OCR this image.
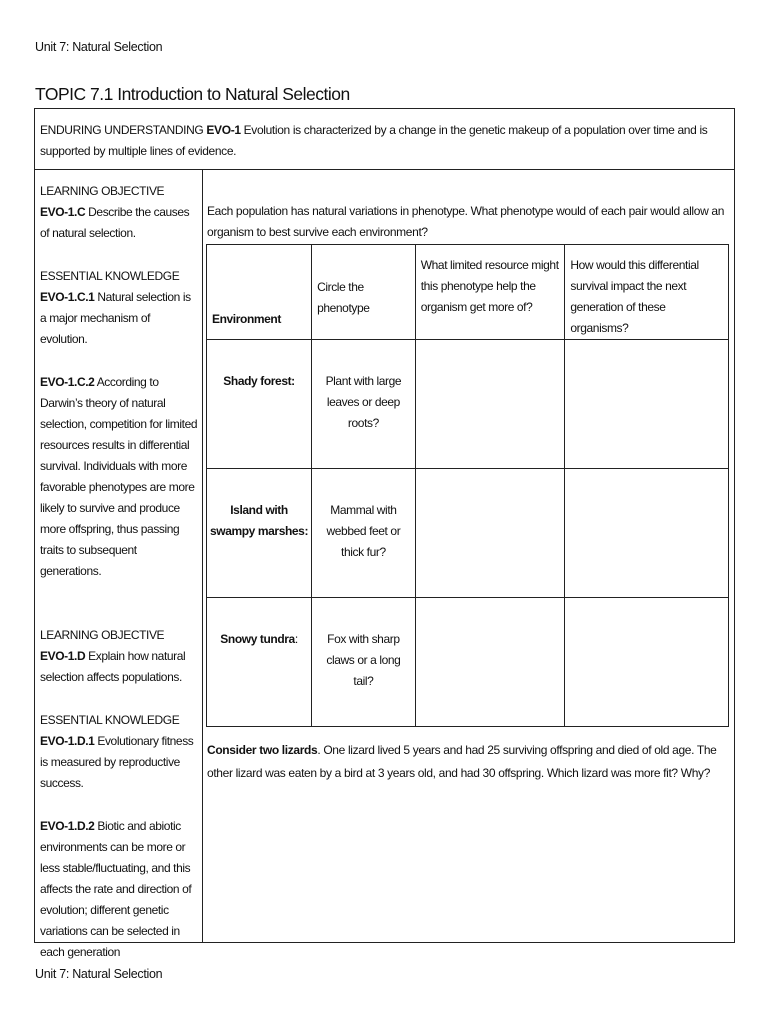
Unit 7: Natural Selection
TOPIC 7.1 Introduction to Natural Selection
ENDURING UNDERSTANDING EVO-1 Evolution is characterized by a change in the genetic makeup of a population over time and is supported by multiple lines of evidence.

LEARNING OBJECTIVE
EVO-1.C Describe the causes of natural selection.

ESSENTIAL KNOWLEDGE
EVO-1.C.1 Natural selection is a major mechanism of evolution.

EVO-1.C.2 According to Darwin’s theory of natural selection, competition for limited resources results in differential survival. Individuals with more favorable phenotypes are more likely to survive and produce more offspring, thus passing traits to subsequent generations.

LEARNING OBJECTIVE
EVO-1.D Explain how natural selection affects populations.

ESSENTIAL KNOWLEDGE
EVO-1.D.1 Evolutionary fitness is measured by reproductive success.

EVO-1.D.2 Biotic and abiotic environments can be more or less stable/fluctuating, and this affects the rate and direction of evolution; different genetic variations can be selected in each generation

Each population has natural variations in phenotype. What phenotype would of each pair would allow an organism to best survive each environment?
Environment	Circle the phenotype	What limited resource might this phenotype help the organism get more of?	How would this differential survival impact the next generation of these organisms?
Shady forest:	Plant with large leaves or deep roots?		
Island with swampy marshes:	Mammal with webbed feet or thick fur?		
Snowy tundra:	Fox with sharp claws or a long tail?		
Consider two lizards. One lizard lived 5 years and had 25 surviving offspring and died of old age. The other lizard was eaten by a bird at 3 years old, and had 30 offspring. Which lizard was more fit? Why?
Unit 7: Natural Selection
